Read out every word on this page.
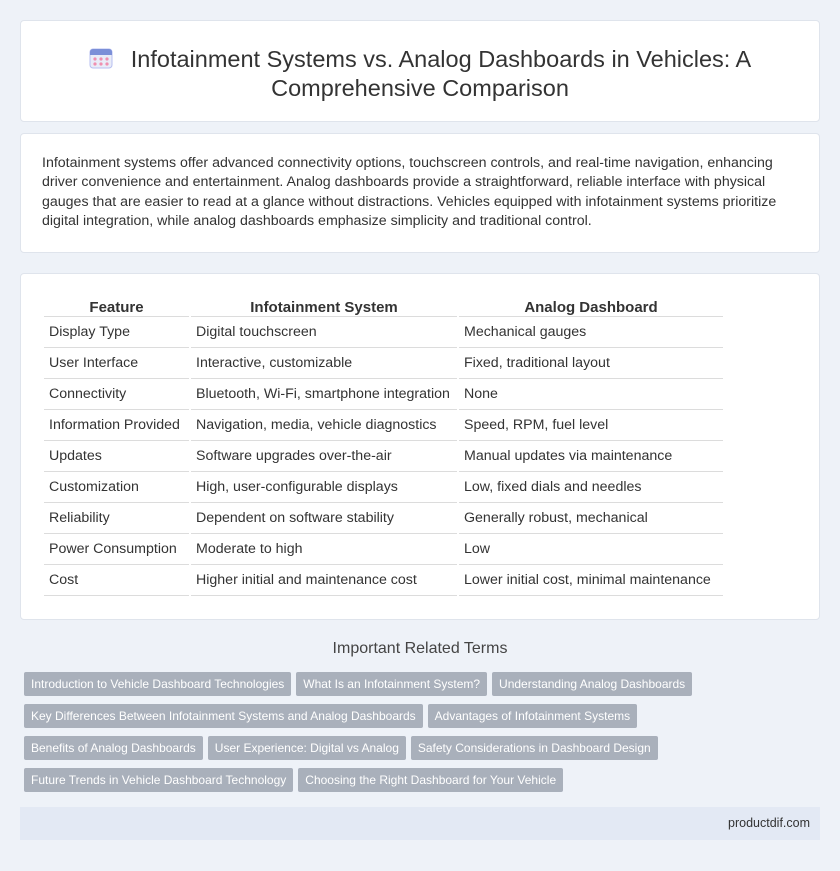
Infotainment Systems vs. Analog Dashboards in Vehicles: A Comprehensive Comparison

Infotainment systems offer advanced connectivity options, touchscreen controls, and real-time navigation, enhancing driver convenience and entertainment. Analog dashboards provide a straightforward, reliable interface with physical gauges that are easier to read at a glance without distractions. Vehicles equipped with infotainment systems prioritize digital integration, while analog dashboards emphasize simplicity and traditional control.

Feature	Infotainment System	Analog Dashboard
Display Type	Digital touchscreen	Mechanical gauges
User Interface	Interactive, customizable	Fixed, traditional layout
Connectivity	Bluetooth, Wi-Fi, smartphone integration	None
Information Provided	Navigation, media, vehicle diagnostics	Speed, RPM, fuel level
Updates	Software upgrades over-the-air	Manual updates via maintenance
Customization	High, user-configurable displays	Low, fixed dials and needles
Reliability	Dependent on software stability	Generally robust, mechanical
Power Consumption	Moderate to high	Low
Cost	Higher initial and maintenance cost	Lower initial cost, minimal maintenance
Important Related Terms
Introduction to Vehicle Dashboard Technologies What Is an Infotainment System? Understanding Analog Dashboards
Key Differences Between Infotainment Systems and Analog Dashboards Advantages of Infotainment Systems
Benefits of Analog Dashboards User Experience: Digital vs Analog Safety Considerations in Dashboard Design
Future Trends in Vehicle Dashboard Technology Choosing the Right Dashboard for Your Vehicle
productdif.com
